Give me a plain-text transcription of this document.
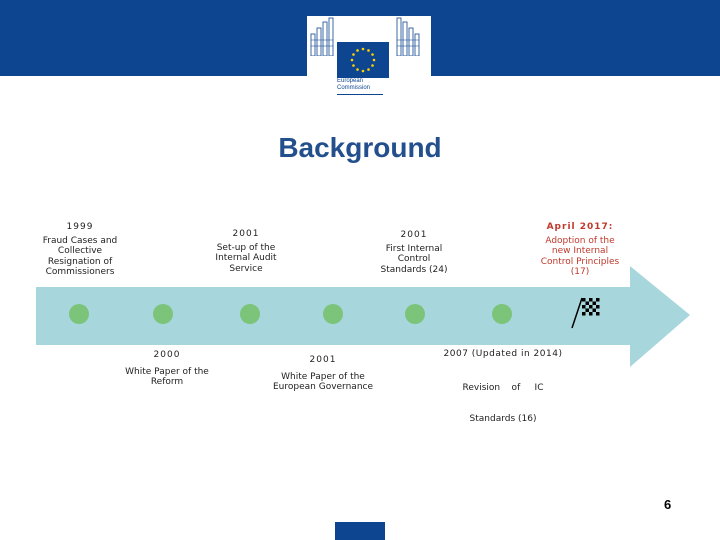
European
Commission
Background
1999
Fraud Cases and
Collective
Resignation of
Commissioners
2001
Set-up of the
Internal Audit
Service
2001
First Internal
Control
Standards (24)
April 2017:
Adoption of the
new Internal
Control Principles
(17)
2000
White Paper of the
Reform
2001
White Paper of the
European Governance
2007 (Updated in 2014)

Revision    of     IC

Standards (16)

6
